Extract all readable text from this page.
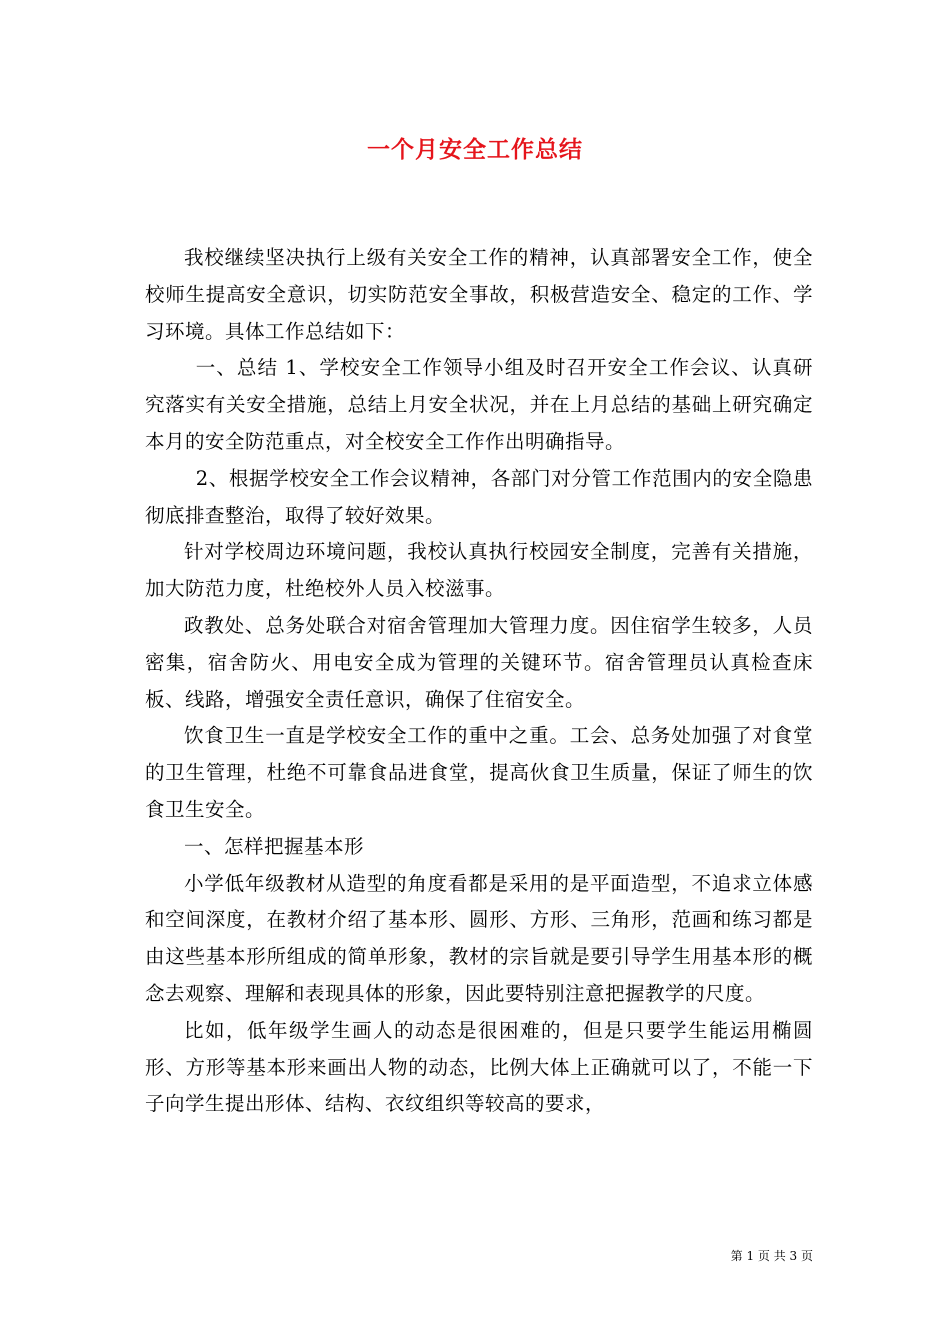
一个月安全工作总结

我校继续坚决执行上级有关安全工作的精神，认真部署安全工作，使全校师生提高安全意识，切实防范安全事故，积极营造安全、稳定的工作、学习环境。具体工作总结如下：

一、总结 1、学校安全工作领导小组及时召开安全工作会议、认真研究落实有关安全措施，总结上月安全状况，并在上月总结的基础上研究确定本月的安全防范重点，对全校安全工作作出明确指导。

2、根据学校安全工作会议精神，各部门对分管工作范围内的安全隐患彻底排查整治，取得了较好效果。

针对学校周边环境问题，我校认真执行校园安全制度，完善有关措施，加大防范力度，杜绝校外人员入校滋事。

政教处、总务处联合对宿舍管理加大管理力度。因住宿学生较多，人员密集，宿舍防火、用电安全成为管理的关键环节。宿舍管理员认真检查床板、线路，增强安全责任意识，确保了住宿安全。

饮食卫生一直是学校安全工作的重中之重。工会、总务处加强了对食堂的卫生管理，杜绝不可靠食品进食堂，提高伙食卫生质量，保证了师生的饮食卫生安全。

一、怎样把握基本形

小学低年级教材从造型的角度看都是采用的是平面造型，不追求立体感和空间深度，在教材介绍了基本形、圆形、方形、三角形，范画和练习都是由这些基本形所组成的简单形象，教材的宗旨就是要引导学生用基本形的概念去观察、理解和表现具体的形象，因此要特别注意把握教学的尺度。

比如，低年级学生画人的动态是很困难的，但是只要学生能运用椭圆形、方形等基本形来画出人物的动态，比例大体上正确就可以了，不能一下子向学生提出形体、结构、衣纹组织等较高的要求，

第 1 页 共 3 页
